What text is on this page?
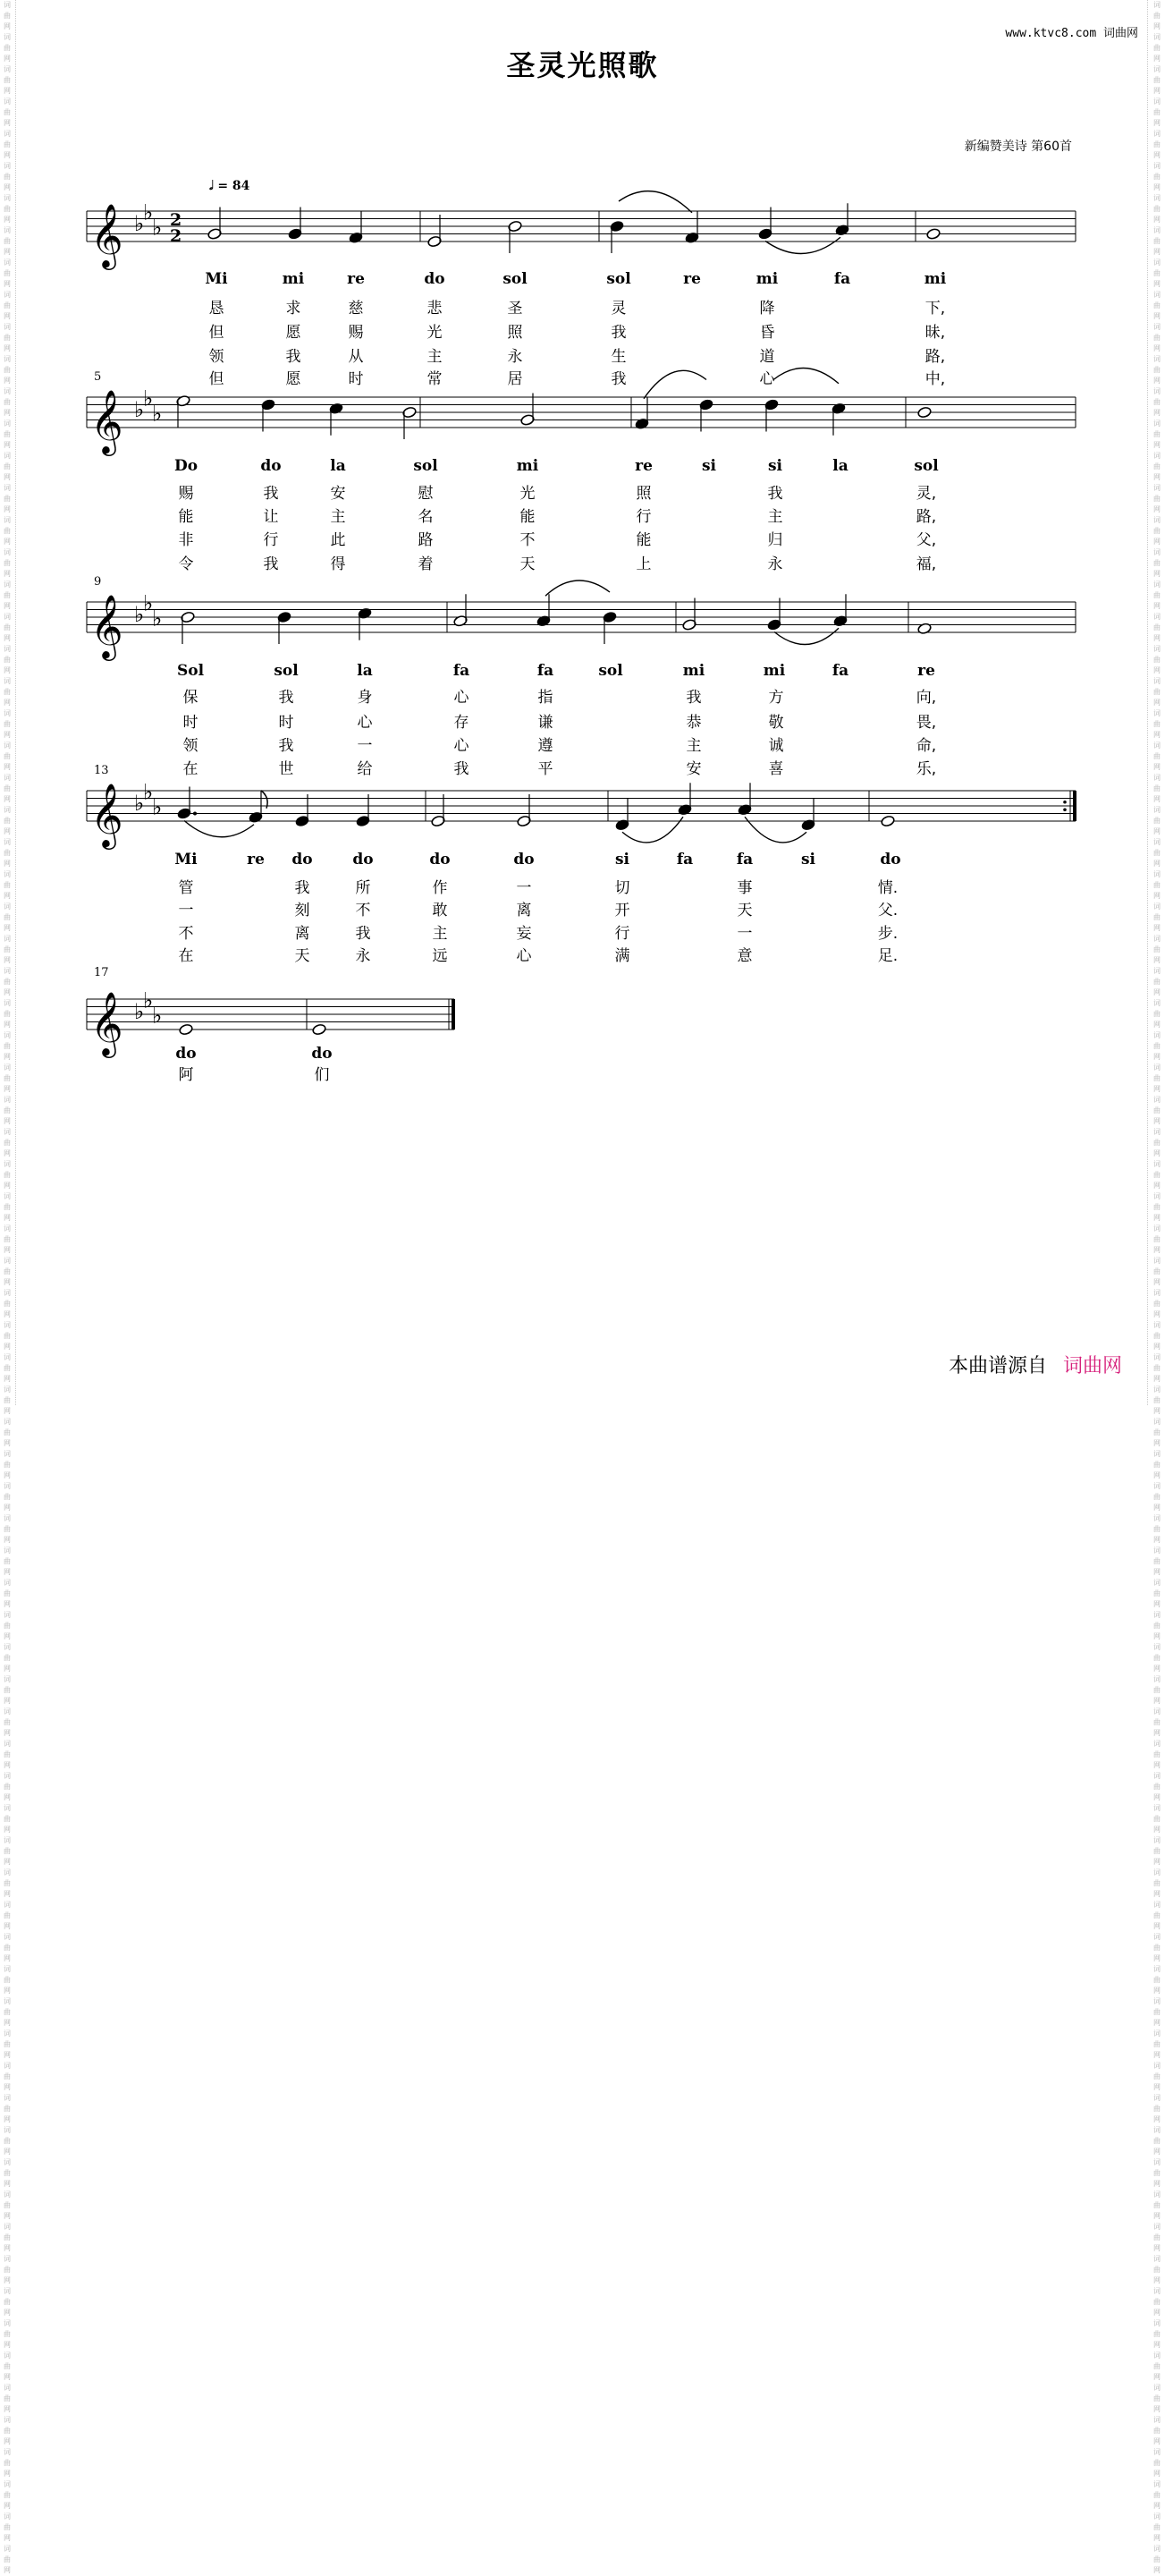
词曲网词曲网词曲网词曲网词曲网词曲网词曲网词曲网词曲网词曲网词曲网词曲网词曲网词曲网词曲网词曲网词曲网词曲网词曲网词曲网词曲网词曲网词曲网词曲网词曲网词曲网词曲网词曲网词曲网词曲网词曲网词曲网词曲网词曲网词曲网词曲网词曲网词曲网词曲网词曲网词曲网词曲网词曲网词曲网词曲网词曲网词曲网词曲网词曲网词曲网词曲网词曲网词曲网词曲网词曲网词曲网词曲网词曲网词曲网词曲网词曲网词曲网词曲网词曲网词曲网词曲网词曲网词曲网词曲网词曲网词曲网词曲网词曲网词曲网词曲网词曲网词曲网词曲网词曲网词曲网
词曲网词曲网词曲网词曲网词曲网词曲网词曲网词曲网词曲网词曲网词曲网词曲网词曲网词曲网词曲网词曲网词曲网词曲网词曲网词曲网词曲网词曲网词曲网词曲网词曲网词曲网词曲网词曲网词曲网词曲网词曲网词曲网词曲网词曲网词曲网词曲网词曲网词曲网词曲网词曲网词曲网词曲网词曲网词曲网词曲网词曲网词曲网词曲网词曲网词曲网词曲网词曲网词曲网词曲网词曲网词曲网词曲网词曲网词曲网词曲网词曲网词曲网词曲网词曲网词曲网词曲网词曲网词曲网词曲网词曲网词曲网词曲网词曲网词曲网词曲网词曲网词曲网词曲网词曲网词曲网
www.ktvc8.com 词曲网
圣灵光照歌
新编赞美诗 第60首
𝅗𝅥 = 84
5
9
13
17
𝄞 ♭
♭
♭ 2
2
𝄞 ♭
♭
♭
𝄞 ♭
♭
♭
𝄞 ♭
♭
♭
𝄞 ♭
♭
♭
Mi	mi	re	do	sol	sol	re	mi	fa	mi
恳	求	慈	悲	圣	灵	降	下,
但	愿	赐	光	照	我	昏	昧,
领	我	从	主	永	生	道	路,
但	愿	时	常	居	我	心	中,
Do	do	la	sol	mi	re	si	si	la	sol
赐	我	安	慰	光	照	我	灵,
能	让	主	名	能	行	主	路,
非	行	此	路	不	能	归	父,
令	我	得	着	天	上	永	福,
Sol	sol	la	fa	fa	sol	mi	mi	fa	re
保	我	身	心	指	我	方	向,
时	时	心	存	谦	恭	敬	畏,
领	我	一	心	遵	主	诚	命,
在	世	给	我	平	安	喜	乐,
Mi	re	do	do	do	do	si	fa	fa	si	do
管	我	所	作	一	切	事	情.
一	刻	不	敢	离	开	天	父.
不	离	我	主	妄	行	一	步.
在	天	永	远	心	满	意	足.
do	do
阿	们
本曲谱源自 词曲网
